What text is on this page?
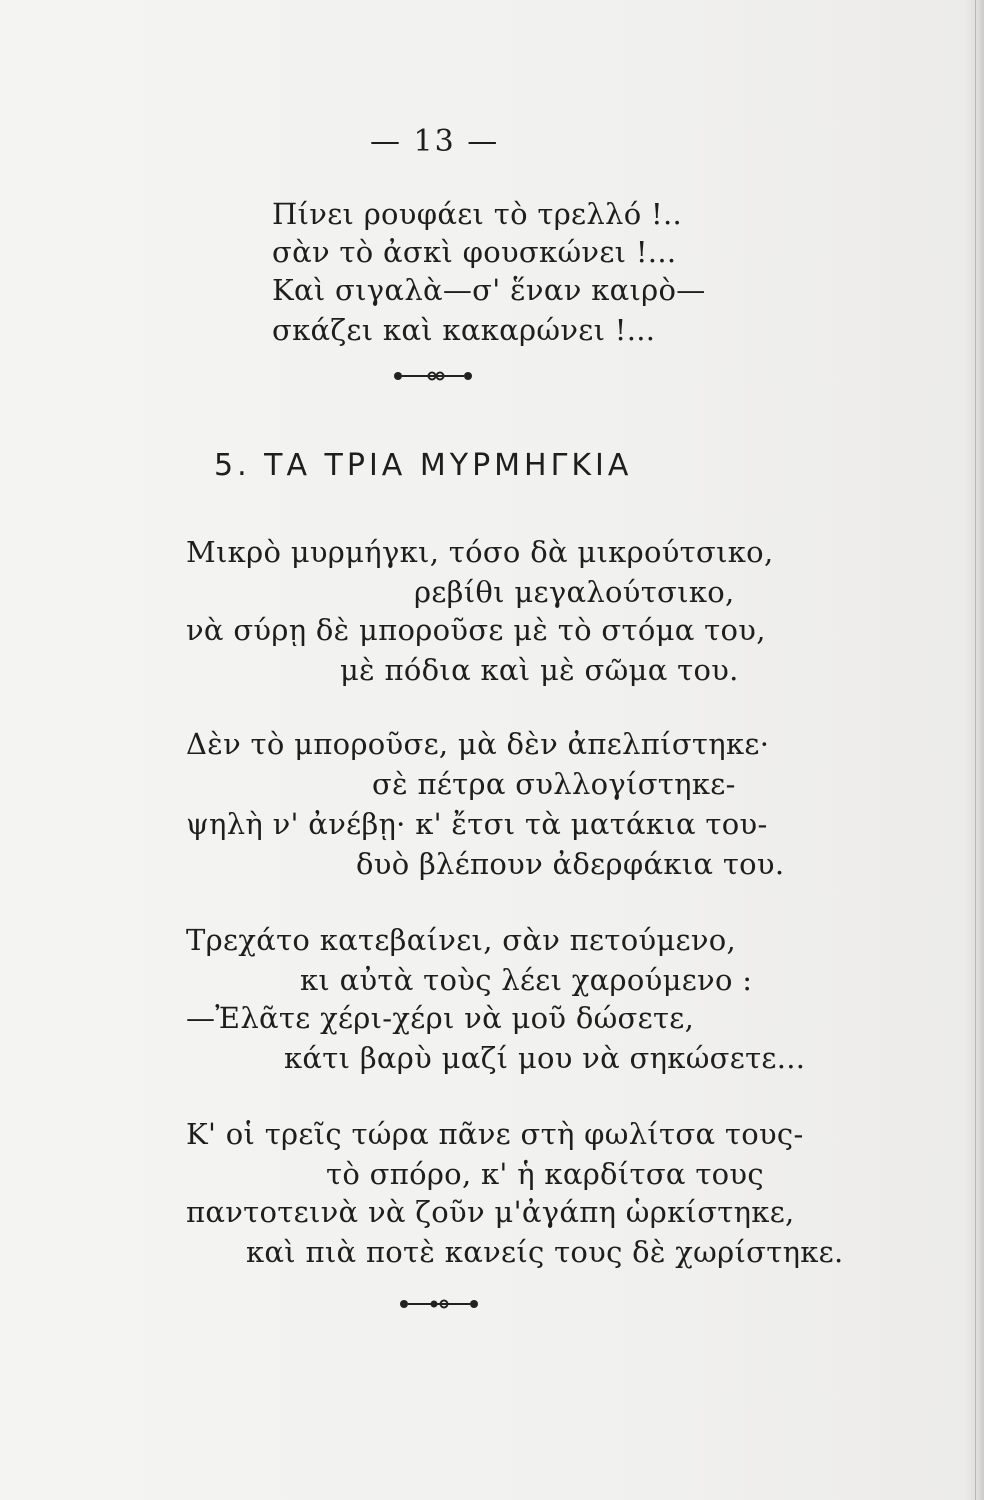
— 13 —
Πίνει ρουφάει τὸ τρελλό !..
σὰν τὸ ἀσκὶ φουσκώνει !...
Καὶ σιγαλὰ—σ' ἕναν καιρὸ—
σκάζει καὶ κακαρώνει !...
5. ΤΑ ΤΡΙΑ ΜΥΡΜΗΓΚΙΑ
Μικρὸ μυρμήγκι, τόσο δὰ μικρούτσικο,
ρεβίθι μεγαλούτσικο,
νὰ σύρῃ δὲ μποροῦσε μὲ τὸ στόμα του,
μὲ πόδια καὶ μὲ σῶμα του.
Δὲν τὸ μποροῦσε, μὰ δὲν ἀπελπίστηκε·
σὲ πέτρα συλλογίστηκε-
ψηλὴ ν' ἀνέβῃ· κ' ἔτσι τὰ ματάκια του-
δυὸ βλέπουν ἀδερφάκια του.
Τρεχάτο κατεβαίνει, σὰν πετούμενο,
κι αὐτὰ τοὺς λέει χαρούμενο :
—Ἐλᾶτε χέρι-χέρι νὰ μοῦ δώσετε,
κάτι βαρὺ μαζί μου νὰ σηκώσετε...
Κ' οἱ τρεῖς τώρα πᾶνε στὴ φωλίτσα τους-
τὸ σπόρο, κ' ἡ καρδίτσα τους
παντοτεινὰ νὰ ζοῦν μ'ἀγάπη ὡρκίστηκε,
καὶ πιὰ ποτὲ κανείς τους δὲ χωρίστηκε.
